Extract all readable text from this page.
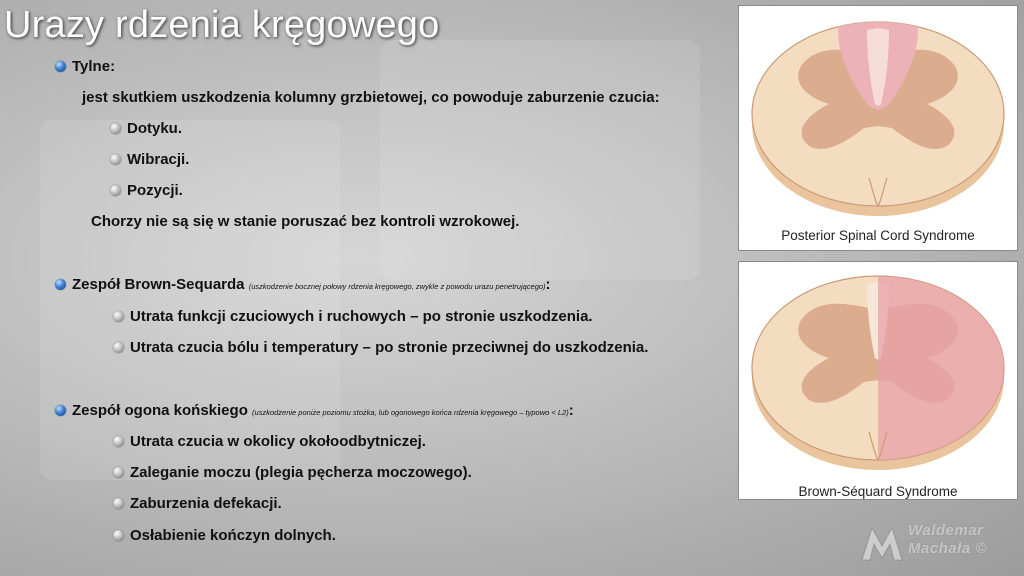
Urazy rdzenia kręgowego
Tylne:
jest skutkiem uszkodzenia kolumny grzbietowej, co powoduje zaburzenie czucia:
Dotyku.
Wibracji.
Pozycji.
Chorzy nie są się w stanie poruszać bez kontroli wzrokowej.
Zespół Brown-Sequarda (uszkodzenie bocznej połowy rdzenia kręgowego, zwykle z powodu urazu penetrującego):
Utrata funkcji czuciowych i ruchowych – po stronie uszkodzenia.
Utrata czucia bólu i temperatury – po stronie przeciwnej do uszkodzenia.
Zespół ogona końskiego (uszkodzenie poniże poziomu stożka, lub ogonowego końca rdzenia kręgowego – typowo < L2):
Utrata czucia w okolicy okołoodbytniczej.
Zaleganie moczu (plegia pęcherza moczowego).
Zaburzenia defekacji.
Osłabienie kończyn dolnych.
Posterior Spinal Cord Syndrome
Brown-Séquard Syndrome
Waldemar
Machała ©
